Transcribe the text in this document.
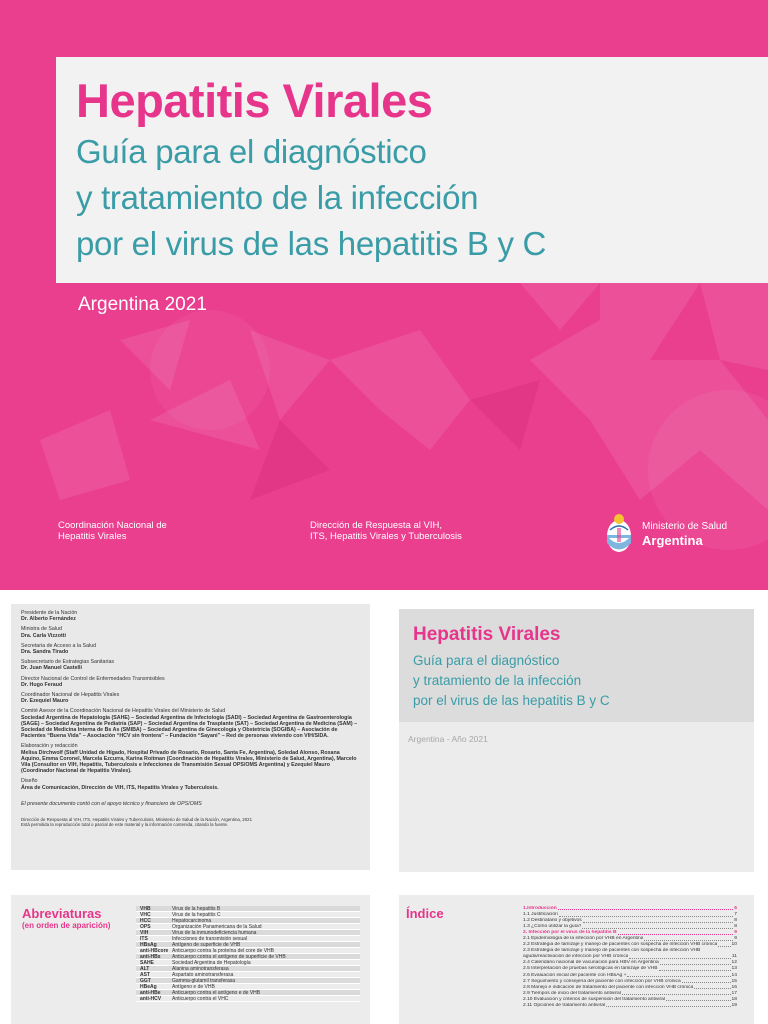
Hepatitis Virales
Guía para el diagnóstico
y tratamiento de la infección
por el virus de las hepatitis B y C
Argentina 2021
Coordinación Nacional de
Hepatitis Virales
Dirección de Respuesta al VIH,
ITS, Hepatitis Virales y Tuberculosis
Ministerio de Salud
Argentina
Presidente de la Nación
Dr. Alberto Fernández
Ministra de Salud
Dra. Carla Vizzotti
Secretaria de Acceso a la Salud
Dra. Sandra Tirado
Subsecretario de Estrategias Sanitarias
Dr. Juan Manuel Castelli
Director Nacional de Control de Enfermedades Transmisibles
Dr. Hugo Feraud
Coordinador Nacional de Hepatitis Virales
Dr. Ezequiel Mauro
Comité Asesor de la Coordinación Nacional de Hepatitis Virales del Ministerio de Salud
Sociedad Argentina de Hepatología (SAHE) – Sociedad Argentina de Infectología (SADI) – Sociedad Argentina de Gastroenterología (SAGE) – Sociedad Argentina de Pediatría (SAP) – Sociedad Argentina de Trasplante (SAT) – Sociedad Argentina de Medicina (SAM) – Sociedad de Medicina Interna de Bs As (SMIBA) – Sociedad Argentina de Ginecología y Obstetricia (SOGIBA) – Asociación de Pacientes “Buena Vida” – Asociación “HCV sin frontera” – Fundación “Sayani” – Red de personas viviendo con VIH/SIDA.
Elaboración y redacción
Melisa Dirchwolf (Staff Unidad de Hígado, Hospital Privado de Rosario, Rosario, Santa Fe, Argentina), Soledad Alonso, Roxana Aquino, Emma Coronel, Marcela Ezcurra, Karina Roitman (Coordinación de Hepatitis Virales, Ministerio de Salud, Argentina), Marcelo Vila (Consultor en VIH, Hepatitis, Tuberculosis e Infecciones de Transmisión Sexual OPS/OMS Argentina) y Ezequiel Mauro (Coordinador Nacional de Hepatitis Virales).
Diseño
Área de Comunicación, Dirección de VIH, ITS, Hepatitis Virales y Tuberculosis.
El presente documento contó con el apoyo técnico y financiero de OPS/OMS
Dirección de Respuesta al VIH, ITS, Hepatitis Virales y Tuberculosis, Ministerio de Salud de la Nación, Argentina, 2021
Está permitida la reproducción total o parcial de este material y la información contenida, citando la fuente.
Hepatitis Virales
Guía para el diagnóstico
y tratamiento de la infección
por el virus de las hepatitis B y C
Argentina - Año 2021
Abreviaturas
(en orden de aparición)
VHB	Virus de la hepatitis B
VHC	Virus de la hepatitis C
HCC	Hepatocarcinoma
OPS	Organización Panamericana de la Salud
VIH	Virus de la inmunodeficiencia humana
ITS	Infecciones de transmisión sexual
HBsAg	Antígeno de superficie de VHB
anti-HBcore Anticuerpo contra la proteína del core de VHB
anti-HBs	Anticuerpo contra el antígeno de superficie de VHB
SAHE	Sociedad Argentina de Hepatología
ALT	Alanina aminotransferasa
AST	Aspartato aminotransferasa
GGT	Gamma-glutamil transferasa
HBeAg	Antígeno e de VHB
anti-HBe	Anticuerpo contra el antígeno e de VHB
anti-HCV	Anticuerpo contra el VHC
Índice	1.Introducción	6
1.1 Justificación	7
1.2 Destinatario y objetivos	8
1.3 ¿Cómo utilizar la guía?	8
2. Infección por el virus de la hepatitis B	9
2.1 Epidemiología de la infección por VHB en Argentina	9
2.2 Estrategia de tamizaje y manejo de pacientes con sospecha de infección VHB crónica	10
2.3 Estrategia de tamizaje y manejo de pacientes con sospecha de infección VHB
aguda/reactivación de infección por VHB crónica	11
2.4 Calendario nacional de vacunación para HBV en Argentina	12
2.5 Interpretación de pruebas serológicas en tamizaje de VHB	13
2.6 Evaluación inicial del paciente con HBsAg +	14
2.7 Seguimiento y consejería del paciente con infección por VHB crónica	15
2.8 Manejo e indicación de tratamiento del paciente con infección VHB crónica	16
2.9 Tiempos de inicio del tratamiento antiviral	17
2.10 Evaluación y criterios de suspensión del tratamiento antiviral	18
2.11 Opciones de tratamiento antiviral	19
